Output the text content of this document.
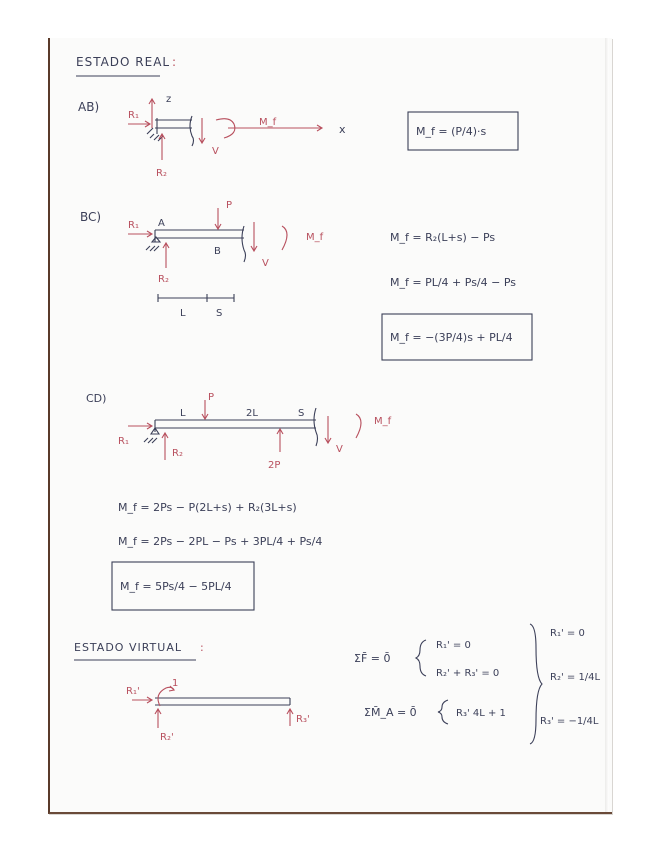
ESTADO REAL :
AB)
R₁
z
R₂
V
M_f
x	M_f = (P/4)·s
BC)
R₁ A
B
P
R₂
V
M_f
L	S
M_f = R₂(L+s) − Ps
M_f = PL/4 + Ps/4 − Ps
M_f = −(3P/4)s + PL/4
CD)	P
L	2L	S
R₁
R₂
2P
V
M_f
M_f = 2Ps − P(2L+s) + R₂(3L+s)
M_f = 2Ps − 2PL − Ps + 3PL/4 + Ps/4
M_f = 5Ps/4 − 5PL/4
ESTADO VIRTUAL :
R₁'
1
R₂'
R₃'
ΣF̄ = 0̄
R₁' = 0
R₂' + R₃' = 0
ΣM̄_A = 0̄	R₃' 4L + 1
R₁' = 0
R₂' = 1/4L
R₃' = −1/4L
